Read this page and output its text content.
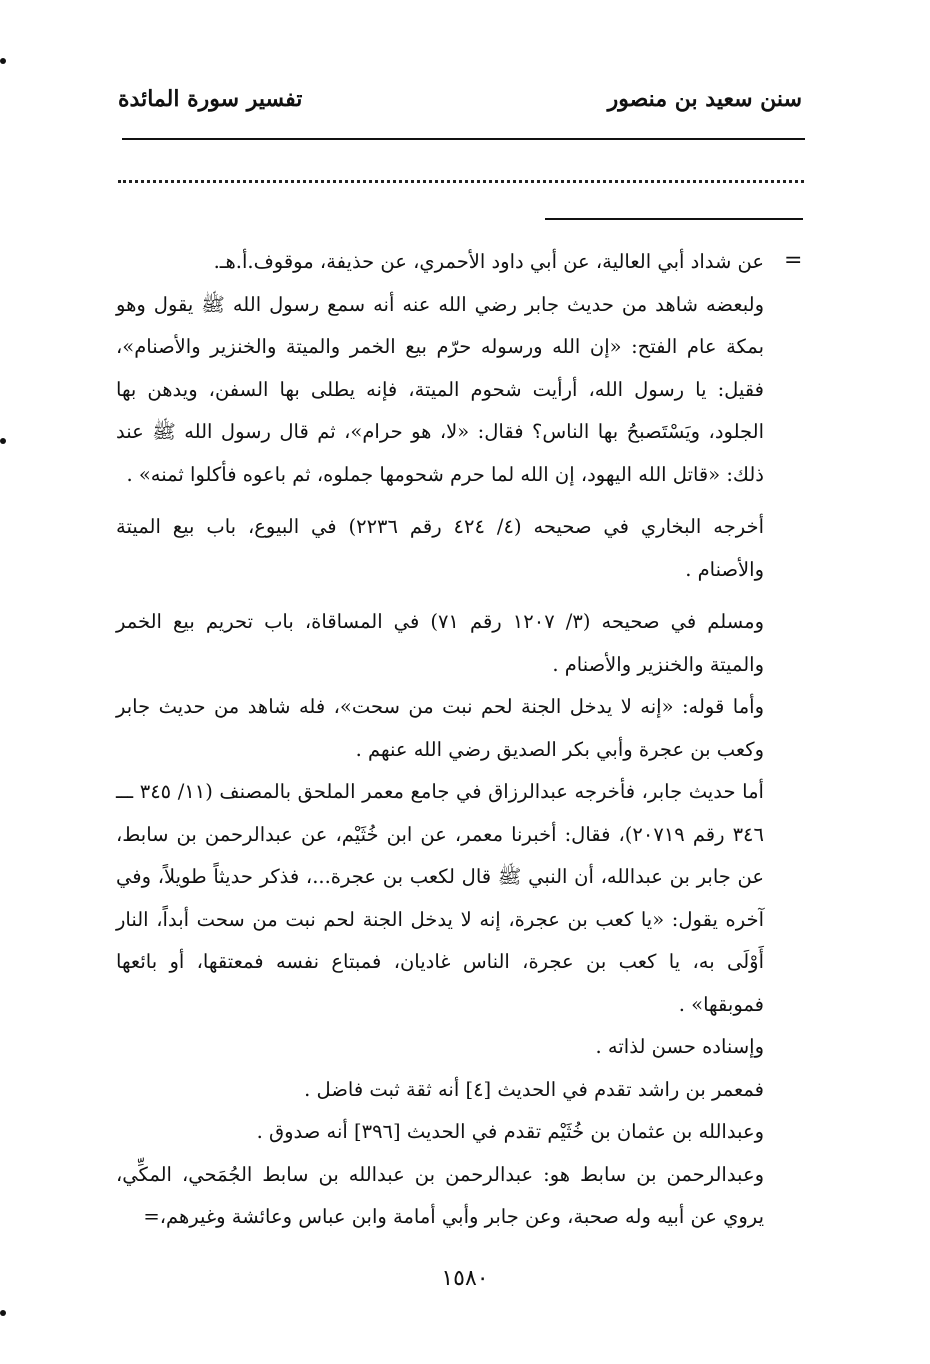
سنن سعيد بن منصور
تفسير سورة المائدة
=

عن شداد أبي العالية، عن أبي داود الأحمري، عن حذيفة، موقوف.أ.هـ.

ولبعضه شاهد من حديث جابر رضي الله عنه أنه سمع رسول الله ﷺ يقول وهو بمكة عام الفتح: «إن الله ورسوله حرّم بيع الخمر والميتة والخنزير والأصنام»، فقيل: يا رسول الله، أرأيت شحوم الميتة، فإنه يطلى بها السفن، ويدهن بها الجلود، ويَسْتَصبحُ بها الناس؟ فقال: «لا، هو حرام»، ثم قال رسول الله ﷺ عند ذلك: «قاتل الله اليهود، إن الله لما حرم شحومها جملوه، ثم باعوه فأكلوا ثمنه» .

أخرجه البخاري في صحيحه (٤/ ٤٢٤ رقم ٢٢٣٦) في البيوع، باب بيع الميتة والأصنام .

ومسلم في صحيحه (٣/ ١٢٠٧ رقم ٧١) في المساقاة، باب تحريم بيع الخمر والميتة والخنزير والأصنام .

وأما قوله: «إنه لا يدخل الجنة لحم نبت من سحت»، فله شاهد من حديث جابر وكعب بن عجرة وأبي بكر الصديق رضي الله عنهم .

أما حديث جابر، فأخرجه عبدالرزاق في جامع معمر الملحق بالمصنف (١١/ ٣٤٥ ـــ ٣٤٦ رقم ٢٠٧١٩)، فقال: أخبرنا معمر، عن ابن خُثَيْم، عن عبدالرحمن بن سابط، عن جابر بن عبدالله، أن النبي ﷺ قال لكعب بن عجرة...، فذكر حديثاً طويلاً، وفي آخره يقول: «يا كعب بن عجرة، إنه لا يدخل الجنة لحم نبت من سحت أبداً، النار أَوْلَى به، يا كعب بن عجرة، الناس غاديان، فمبتاع نفسه فمعتقها، أو بائعها فموبقها» .

وإسناده حسن لذاته .

فمعمر بن راشد تقدم في الحديث [٤] أنه ثقة ثبت فاضل .

وعبدالله بن عثمان بن خُثَيْم تقدم في الحديث [٣٩٦] أنه صدوق .

وعبدالرحمن بن سابط هو: عبدالرحمن بن عبدالله بن سابط الجُمَحي، المكِّي، يروي عن أبيه وله صحبة، وعن جابر وأبي أمامة وابن عباس وعائشة وغيرهم،=

١٥٨٠
